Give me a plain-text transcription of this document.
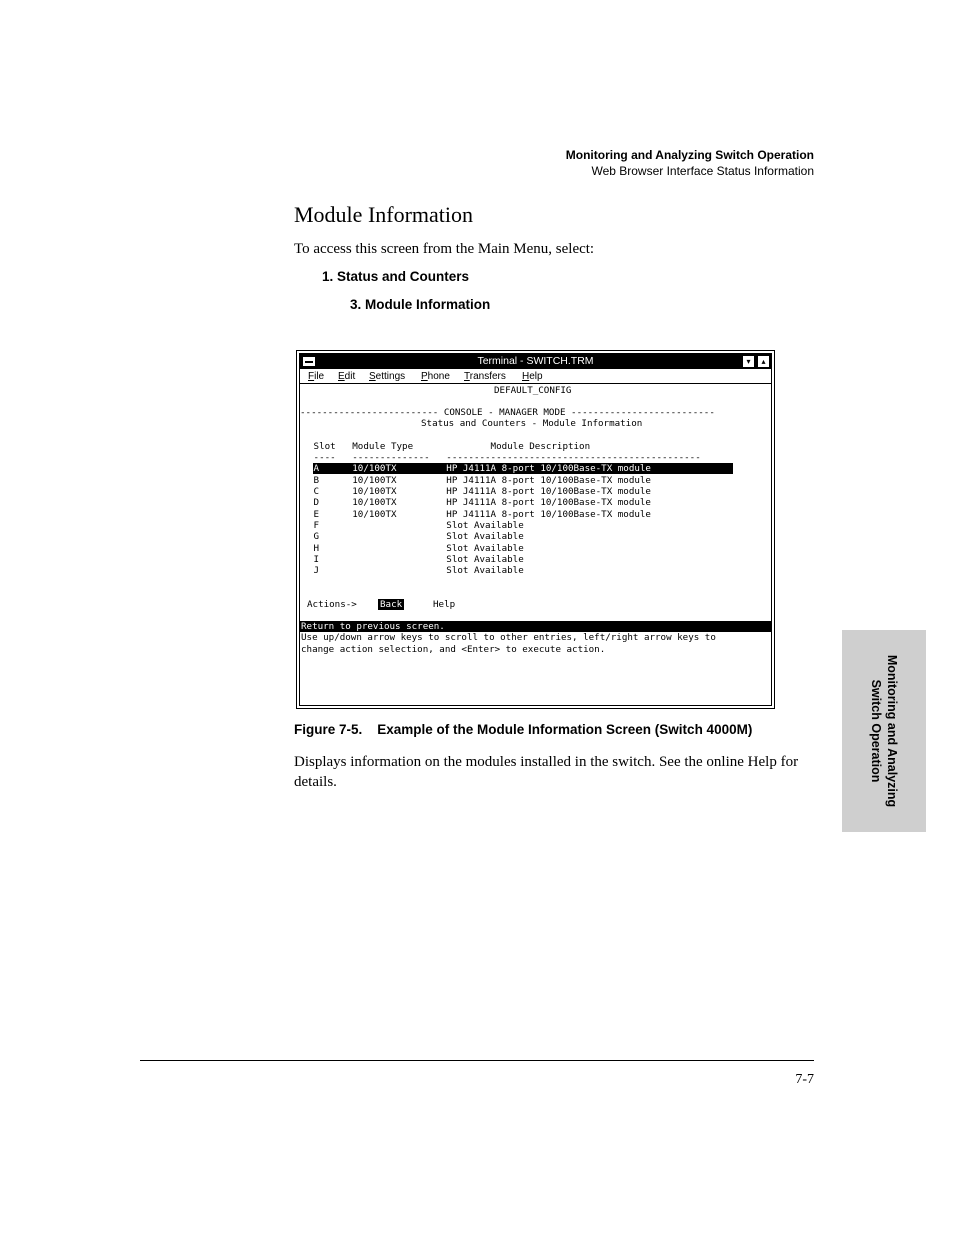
Monitoring and Analyzing Switch Operation
Web Browser Interface Status Information
Module Information

To access this screen from the Main Menu, select:

1. Status and Counters
3. Module Information
Terminal - SWITCH.TRM	▾	▴
File Edit Settings Phone Transfers Help
DEFAULT_CONFIG
------------------------- CONSOLE - MANAGER MODE --------------------------
Status and Counters - Module Information
Slot   Module Type              Module Description
----   --------------   ----------------------------------------------
A      10/100TX         HP J4111A 8-port 10/100Base-TX module
B      10/100TX         HP J4111A 8-port 10/100Base-TX module
C      10/100TX         HP J4111A 8-port 10/100Base-TX module
D      10/100TX         HP J4111A 8-port 10/100Base-TX module
E      10/100TX         HP J4111A 8-port 10/100Base-TX module
F                       Slot Available
G                       Slot Available
H                       Slot Available
I                       Slot Available
J                       Slot Available
Actions->	Back	Help
Return to previous screen.
Use up/down arrow keys to scroll to other entries, left/right arrow keys to
change action selection, and <Enter> to execute action.
Figure 7-5.    Example of the Module Information Screen (Switch 4000M)

Displays information on the modules installed in the switch. See the online Help for details.

7-7
Monitoring and Analyzing
Switch Operation
